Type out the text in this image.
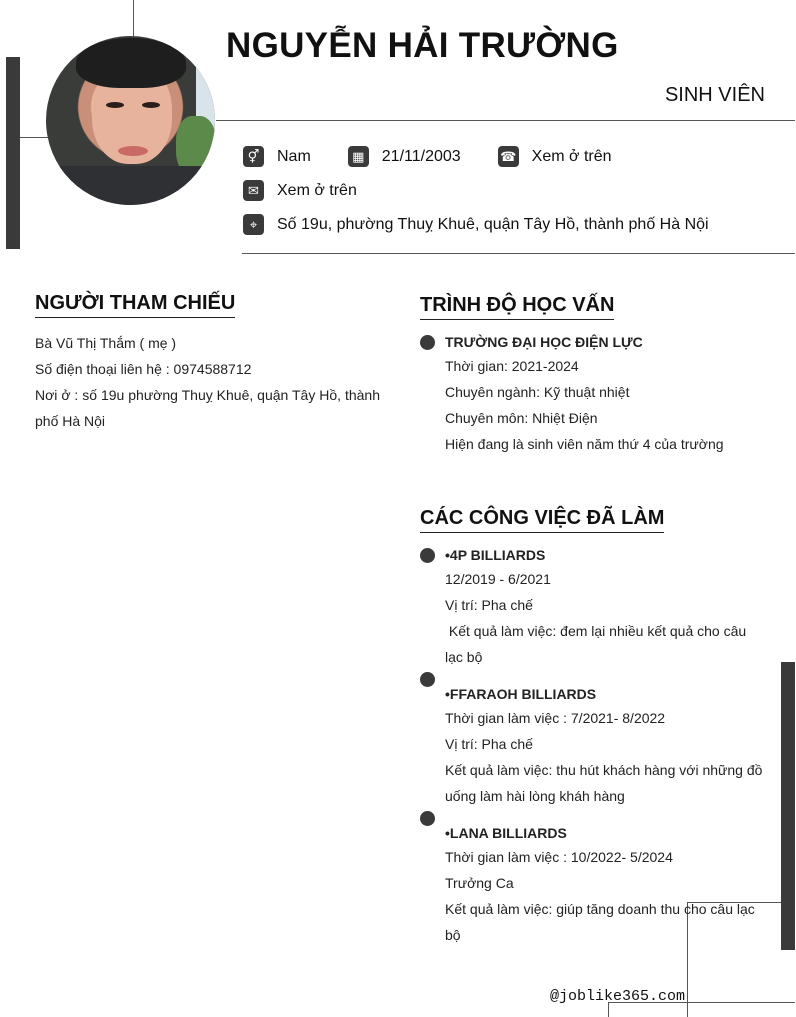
NGUYỄN HẢI TRƯỜNG
SINH VIÊN
⚥ Nam	▦ 21/11/2003	☎ Xem ở trên
✉	Xem ở trên
⌖	Số 19u, phường Thuỵ Khuê, quận Tây Hồ, thành phố Hà Nội
NGƯỜI THAM CHIẾU
Bà Vũ Thị Thắm ( mẹ )
Số điện thoại liên hệ : 0974588712
Nơi ở : số 19u phường Thuỵ Khuê, quận Tây Hồ, thành phố Hà Nội
TRÌNH ĐỘ HỌC VẤN
TRƯỜNG ĐẠI HỌC ĐIỆN LỰC
Thời gian: 2021-2024
Chuyên ngành: Kỹ thuật nhiệt
Chuyên môn: Nhiệt Điện
Hiện đang là sinh viên năm thứ 4 của trường
CÁC CÔNG VIỆC ĐÃ LÀM
•4P BILLIARDS
12/2019 - 6/2021
Vị trí: Pha chế
Kết quả làm việc: đem lại nhiều kết quả cho câu lạc bộ
•FFARAOH BILLIARDS
Thời gian làm việc : 7/2021- 8/2022
Vị trí: Pha chế
Kết quả làm việc: thu hút khách hàng với những đồ uống làm hài lòng kháh hàng
•LANA BILLIARDS
Thời gian làm việc : 10/2022- 5/2024
Trưởng Ca
Kết quả làm việc: giúp tăng doanh thu cho câu lạc bộ
@joblike365.com
